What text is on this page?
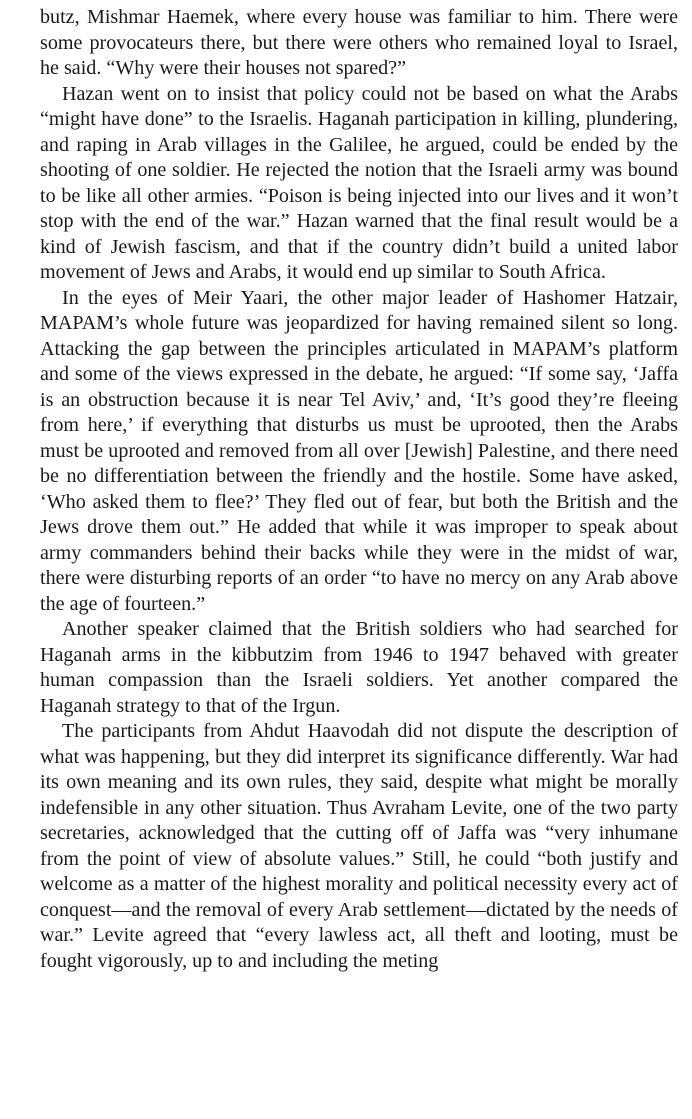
butz, Mishmar Haemek, where every house was familiar to him. There were some provocateurs there, but there were others who remained loyal to Israel, he said. “Why were their houses not spared?”

Hazan went on to insist that policy could not be based on what the Arabs “might have done” to the Israelis. Haganah participation in killing, plundering, and raping in Arab villages in the Galilee, he argued, could be ended by the shooting of one soldier. He rejected the notion that the Israeli army was bound to be like all other armies. “Poison is being injected into our lives and it won’t stop with the end of the war.” Hazan warned that the final result would be a kind of Jewish fascism, and that if the country didn’t build a united labor movement of Jews and Arabs, it would end up similar to South Africa.

In the eyes of Meir Yaari, the other major leader of Hashomer Hatzair, MAPAM’s whole future was jeopardized for having remained silent so long. Attacking the gap between the principles articulated in MAPAM’s platform and some of the views expressed in the debate, he argued: “If some say, ‘Jaffa is an obstruction because it is near Tel Aviv,’ and, ‘It’s good they’re fleeing from here,’ if everything that disturbs us must be uprooted, then the Arabs must be uprooted and removed from all over [Jewish] Palestine, and there need be no differentiation between the friendly and the hostile. Some have asked, ‘Who asked them to flee?’ They fled out of fear, but both the British and the Jews drove them out.” He added that while it was improper to speak about army commanders behind their backs while they were in the midst of war, there were disturbing reports of an order “to have no mercy on any Arab above the age of fourteen.”

Another speaker claimed that the British soldiers who had searched for Haganah arms in the kibbutzim from 1946 to 1947 behaved with greater human compassion than the Israeli soldiers. Yet another compared the Haganah strategy to that of the Irgun.

The participants from Ahdut Haavodah did not dispute the description of what was happening, but they did interpret its significance differently. War had its own meaning and its own rules, they said, despite what might be morally indefensible in any other situation. Thus Avraham Levite, one of the two party secretaries, acknowledged that the cutting off of Jaffa was “very inhumane from the point of view of absolute values.” Still, he could “both justify and welcome as a matter of the highest morality and political necessity every act of conquest—and the removal of every Arab settlement—dictated by the needs of war.” Levite agreed that “every lawless act, all theft and looting, must be fought vigorously, up to and including the meting
